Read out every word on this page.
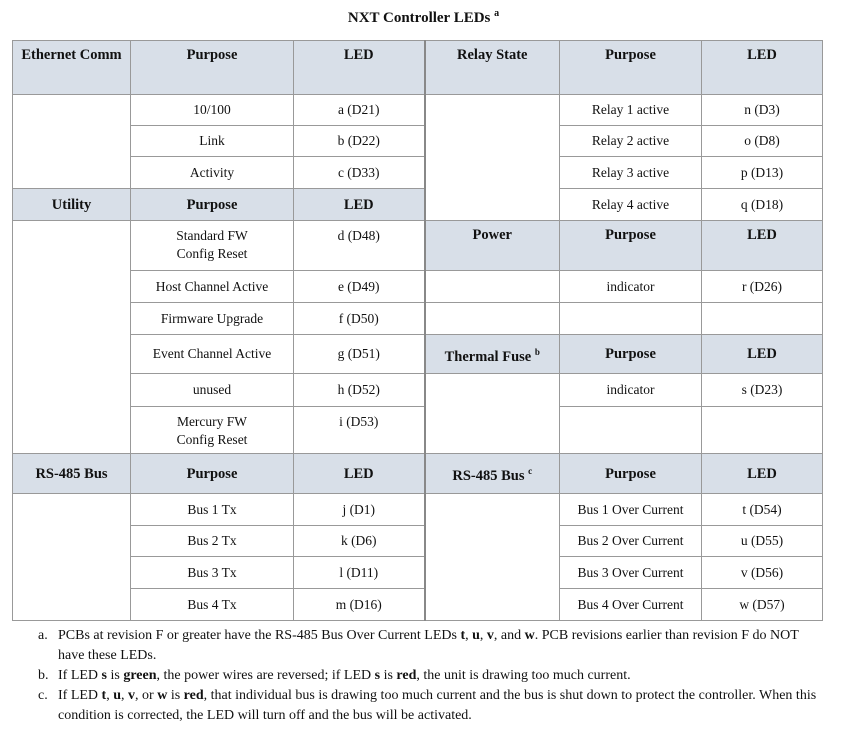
NXT Controller LEDs $^a$
Ethernet Comm	Purpose	LED	Relay State	Purpose	LED
	10/100	a (D21)		Relay 1 active	n (D3)
	Link	b (D22)		Relay 2 active	o (D8)
	Activity	c (D33)		Relay 3 active	p (D13)
Utility	Purpose	LED		Relay 4 active	q (D18)
	Standard FW
Config Reset	d (D48)	Power	Purpose	LED
	Host Channel Active	e (D49)		indicator	r (D26)
	Firmware Upgrade	f (D50)			
	Event Channel Active	g (D51)	Thermal Fuse $^b$	Purpose	LED
	unused	h (D52)		indicator	s (D23)
	Mercury FW
Config Reset	i (D53)			
RS-485 Bus	Purpose	LED	RS-485 Bus $^c$	Purpose	LED
	Bus 1 Tx	j (D1)		Bus 1 Over Current	t (D54)
	Bus 2 Tx	k (D6)		Bus 2 Over Current	u (D55)
	Bus 3 Tx	l (D11)		Bus 3 Over Current	v (D56)
	Bus 4 Tx	m (D16)		Bus 4 Over Current	w (D57)
a. PCBs at revision F or greater have the RS-485 Bus Over Current LEDs t, u, v, and w. PCB revisions earlier than revision F do NOT have these LEDs.
b. If LED s is green, the power wires are reversed; if LED s is red, the unit is drawing too much current.
c. If LED t, u, v, or w is red, that individual bus is drawing too much current and the bus is shut down to protect the controller. When this condition is corrected, the LED will turn off and the bus will be activated.
